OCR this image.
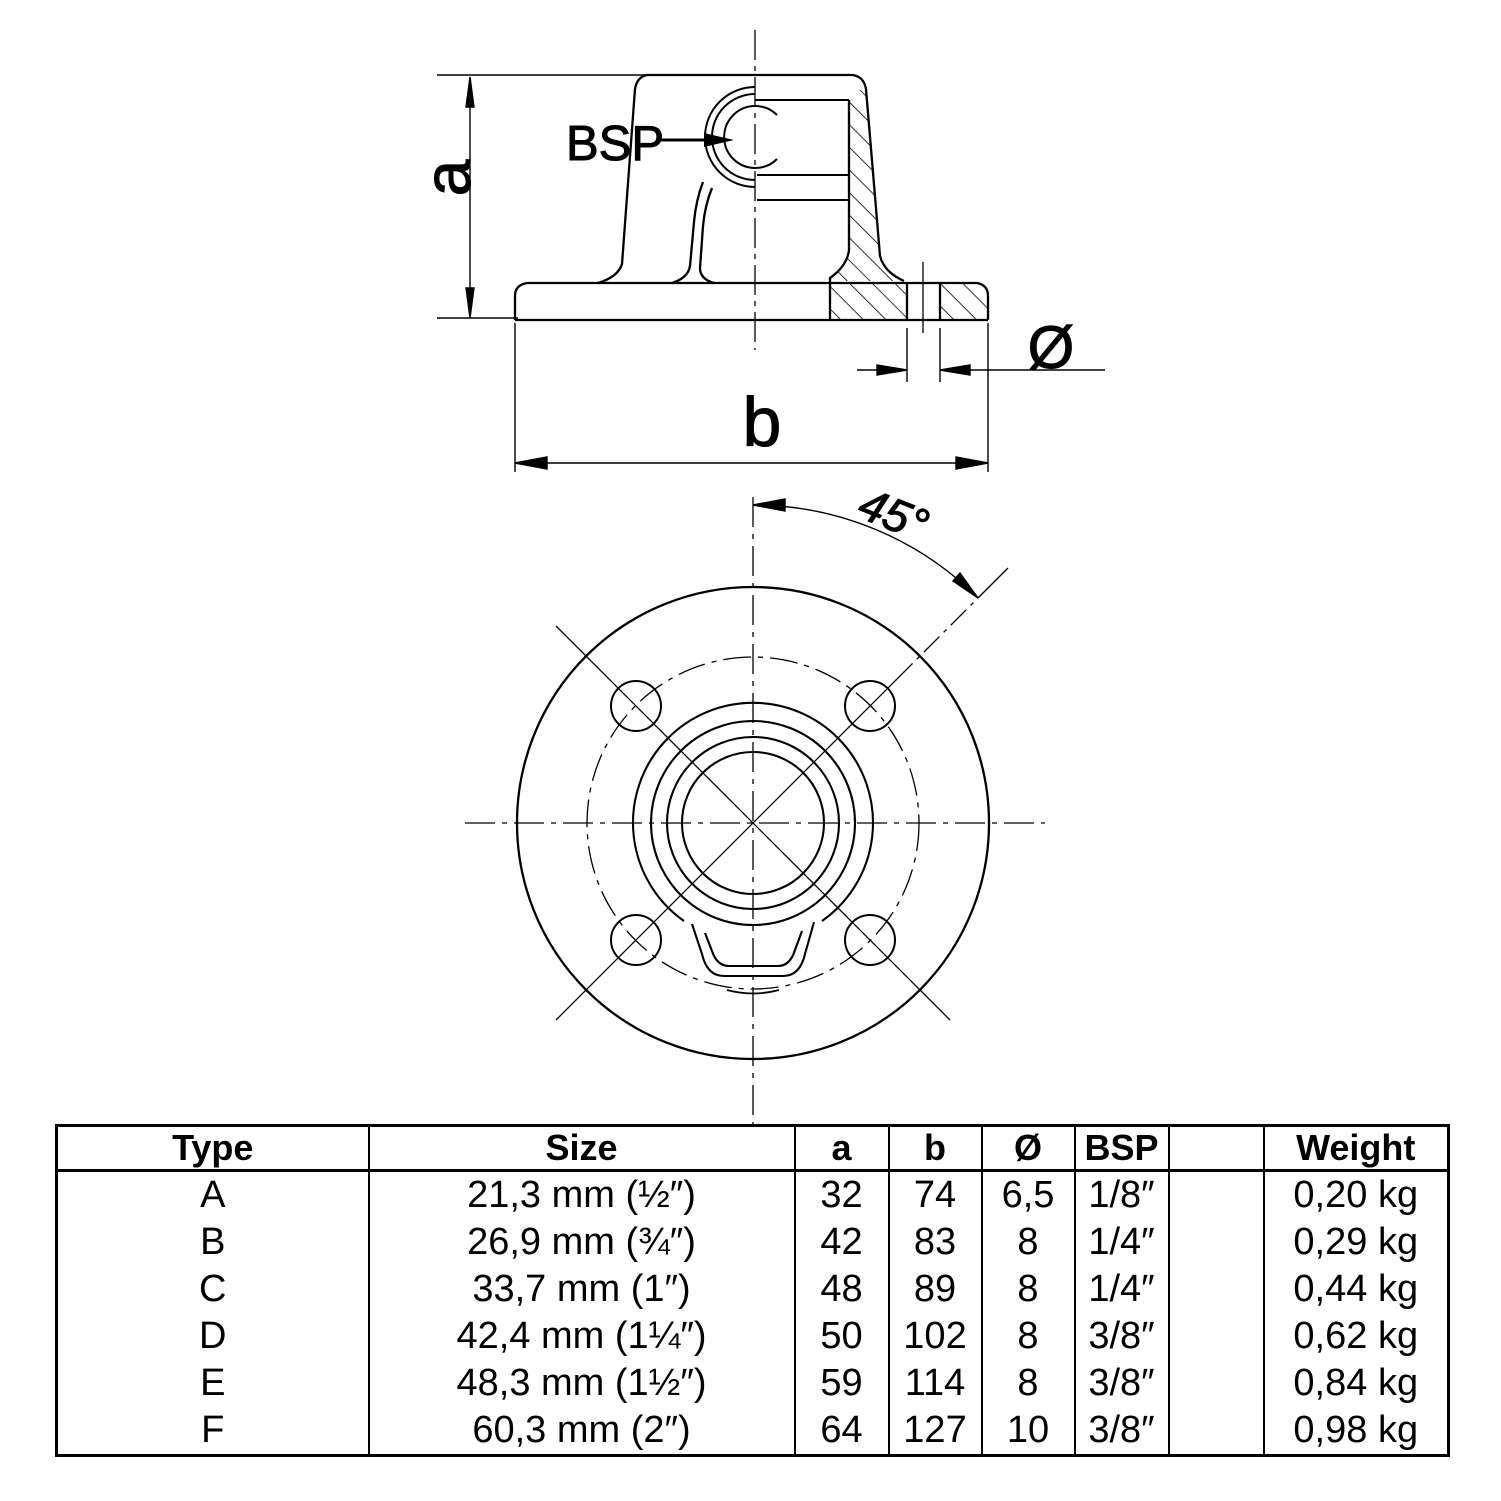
a
b
Ø
BSP
45°
Type	Size	a	b	Ø	BSP		Weight
A	21,3 mm (½″)	32	74	6,5	1/8″		0,20 kg
B	26,9 mm (¾″)	42	83	8	1/4″		0,29 kg
C	33,7 mm (1″)	48	89	8	1/4″		0,44 kg
D	42,4 mm (1¼″)	50	102	8	3/8″		0,62 kg
E	48,3 mm (1½″)	59	114	8	3/8″		0,84 kg
F	60,3 mm (2″)	64	127	10	3/8″		0,98 kg
